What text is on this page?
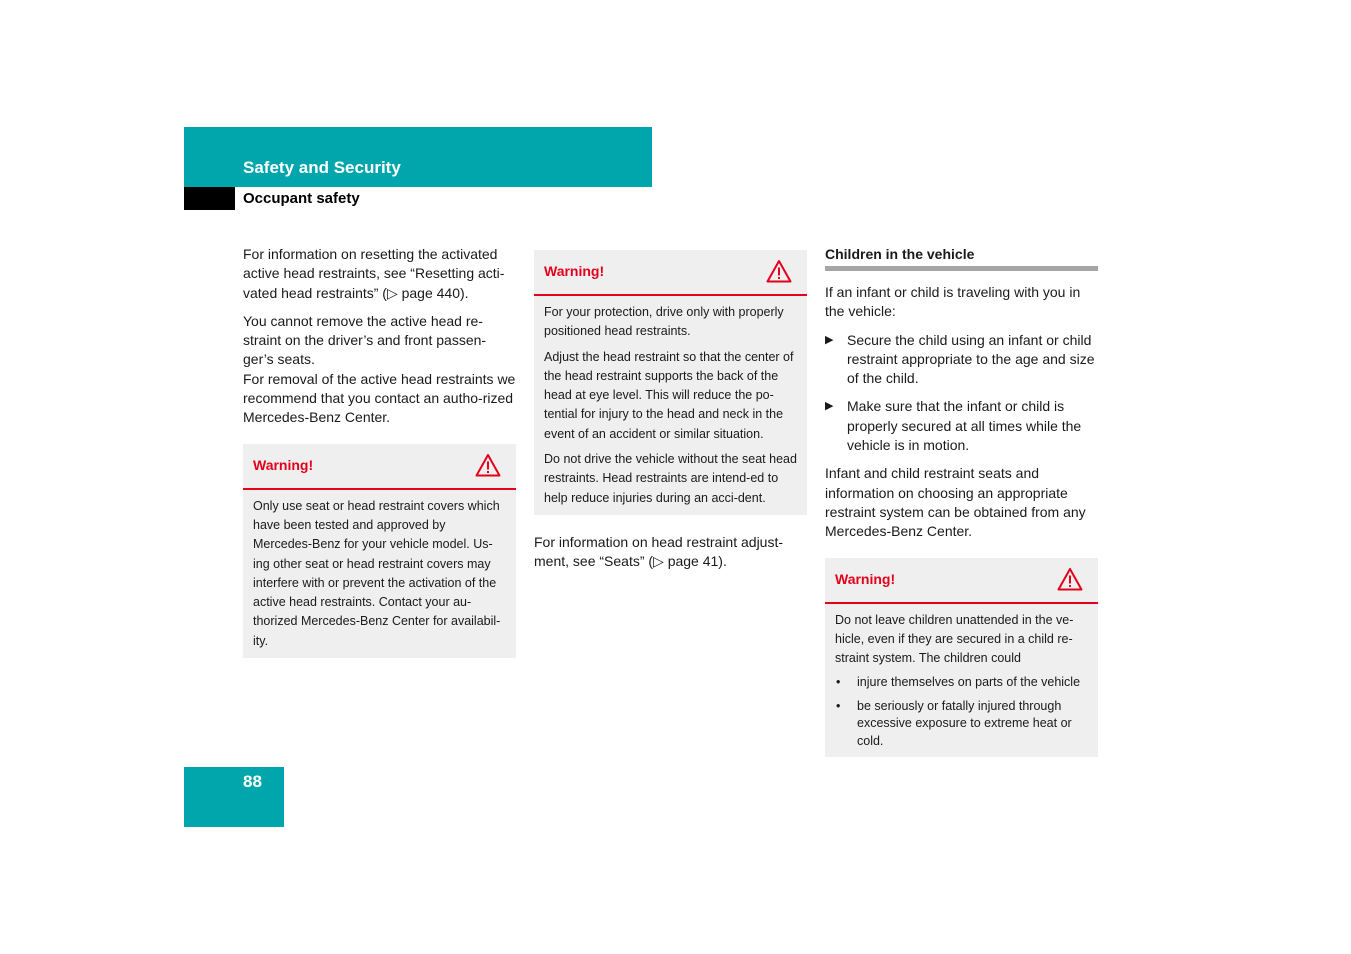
Safety and Security
Occupant safety

For information on resetting the activated active head restraints, see “Resetting acti-vated head restraints” (▷ page 440).

You cannot remove the active head re-straint on the driver’s and front passen-ger’s seats.

For removal of the active head restraints we recommend that you contact an autho-rized Mercedes-Benz Center.

Warning!

Only use seat or head restraint covers which have been tested and approved by Mercedes-Benz for your vehicle model. Us-ing other seat or head restraint covers may interfere with or prevent the activation of the active head restraints. Contact your au-thorized Mercedes-Benz Center for availabil-ity.

Warning!

For your protection, drive only with properly positioned head restraints.

Adjust the head restraint so that the center of the head restraint supports the back of the head at eye level. This will reduce the po-tential for injury to the head and neck in the event of an accident or similar situation.

Do not drive the vehicle without the seat head restraints. Head restraints are intend-ed to help reduce injuries during an acci-dent.

For information on head restraint adjust-ment, see “Seats” (▷ page 41).

Children in the vehicle

If an infant or child is traveling with you in the vehicle:

▶ Secure the child using an infant or child restraint appropriate to the age and size of the child.
▶ Make sure that the infant or child is properly secured at all times while the vehicle is in motion.

Infant and child restraint seats and information on choosing an appropriate restraint system can be obtained from any Mercedes-Benz Center.

Warning!

Do not leave children unattended in the ve-hicle, even if they are secured in a child re-straint system. The children could

• injure themselves on parts of the vehicle
• be seriously or fatally injured through excessive exposure to extreme heat or cold.
88
